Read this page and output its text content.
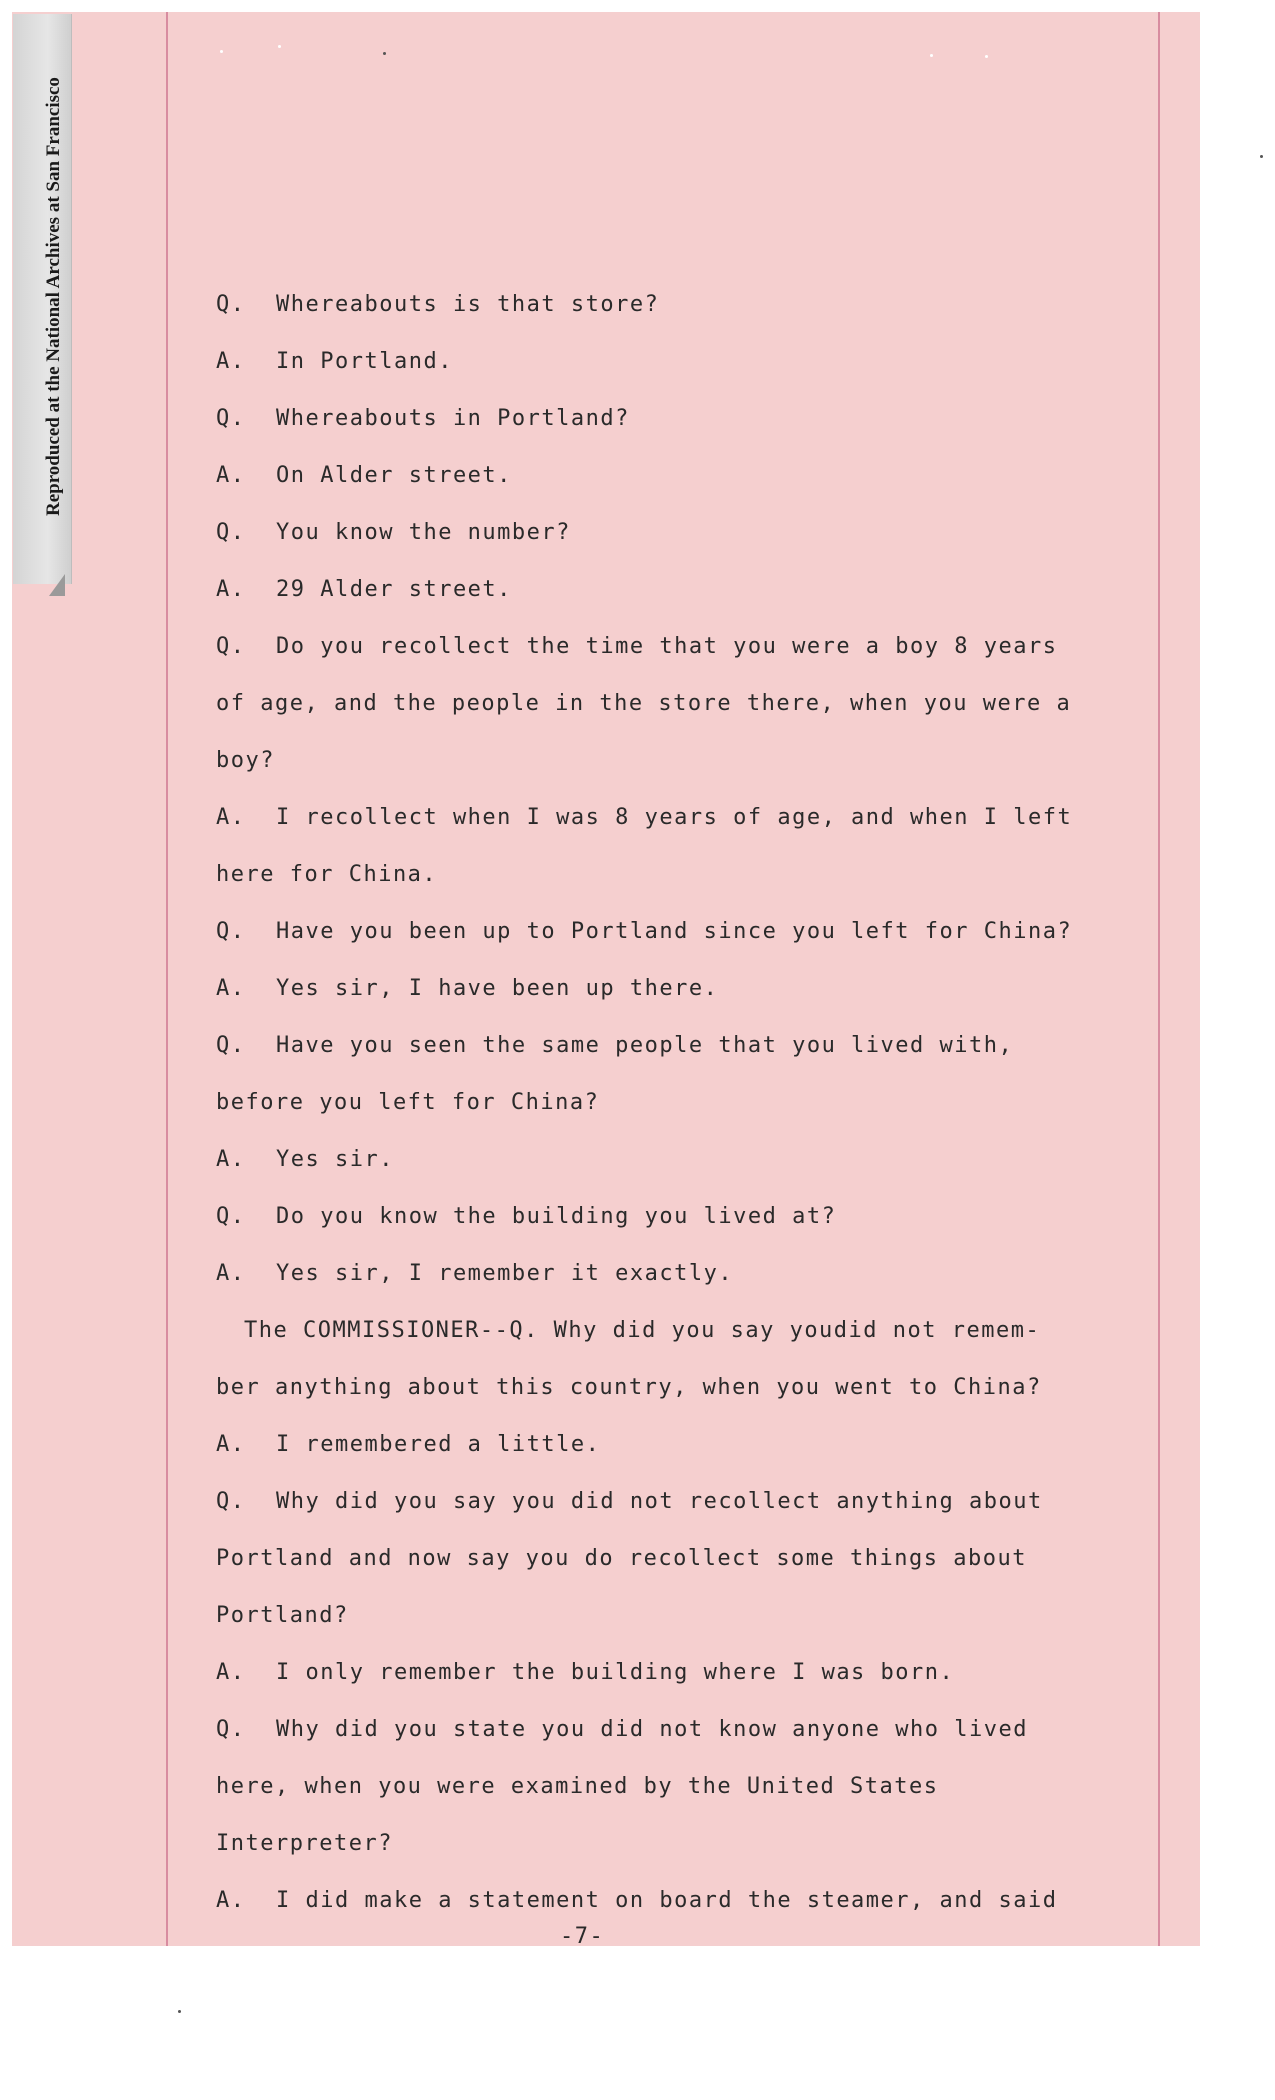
Reproduced at the National Archives at San Francisco	Q.	Whereabouts is that store?
A.	In Portland.
Q.	Whereabouts in Portland?
A.	On Alder street.
Q.	You know the number?
A.	29 Alder street.
Q.	Do you recollect the time that you were a boy 8 years
of age, and the people in the store there, when you were a
boy?
A.	I recollect when I was 8 years of age, and when I left
here for China.
Q.	Have you been up to Portland since you left for China?
A.	Yes sir, I have been up there.
Q.	Have you seen the same people that you lived with,
before you left for China?
A.	Yes sir.
Q.	Do you know the building you lived at?
A.	Yes sir, I remember it exactly.
The COMMISSIONER--Q. Why did you say youdid not remem-
ber anything about this country, when you went to China?
A.	I remembered a little.
Q.	Why did you say you did not recollect anything about
Portland and now say you do recollect some things about
Portland?
A.	I only remember the building where I was born.
Q.	Why did you state you did not know anyone who lived
here, when you were examined by the United States
Interpreter?
A.	I did make a statement on board the steamer, and said
-7-
